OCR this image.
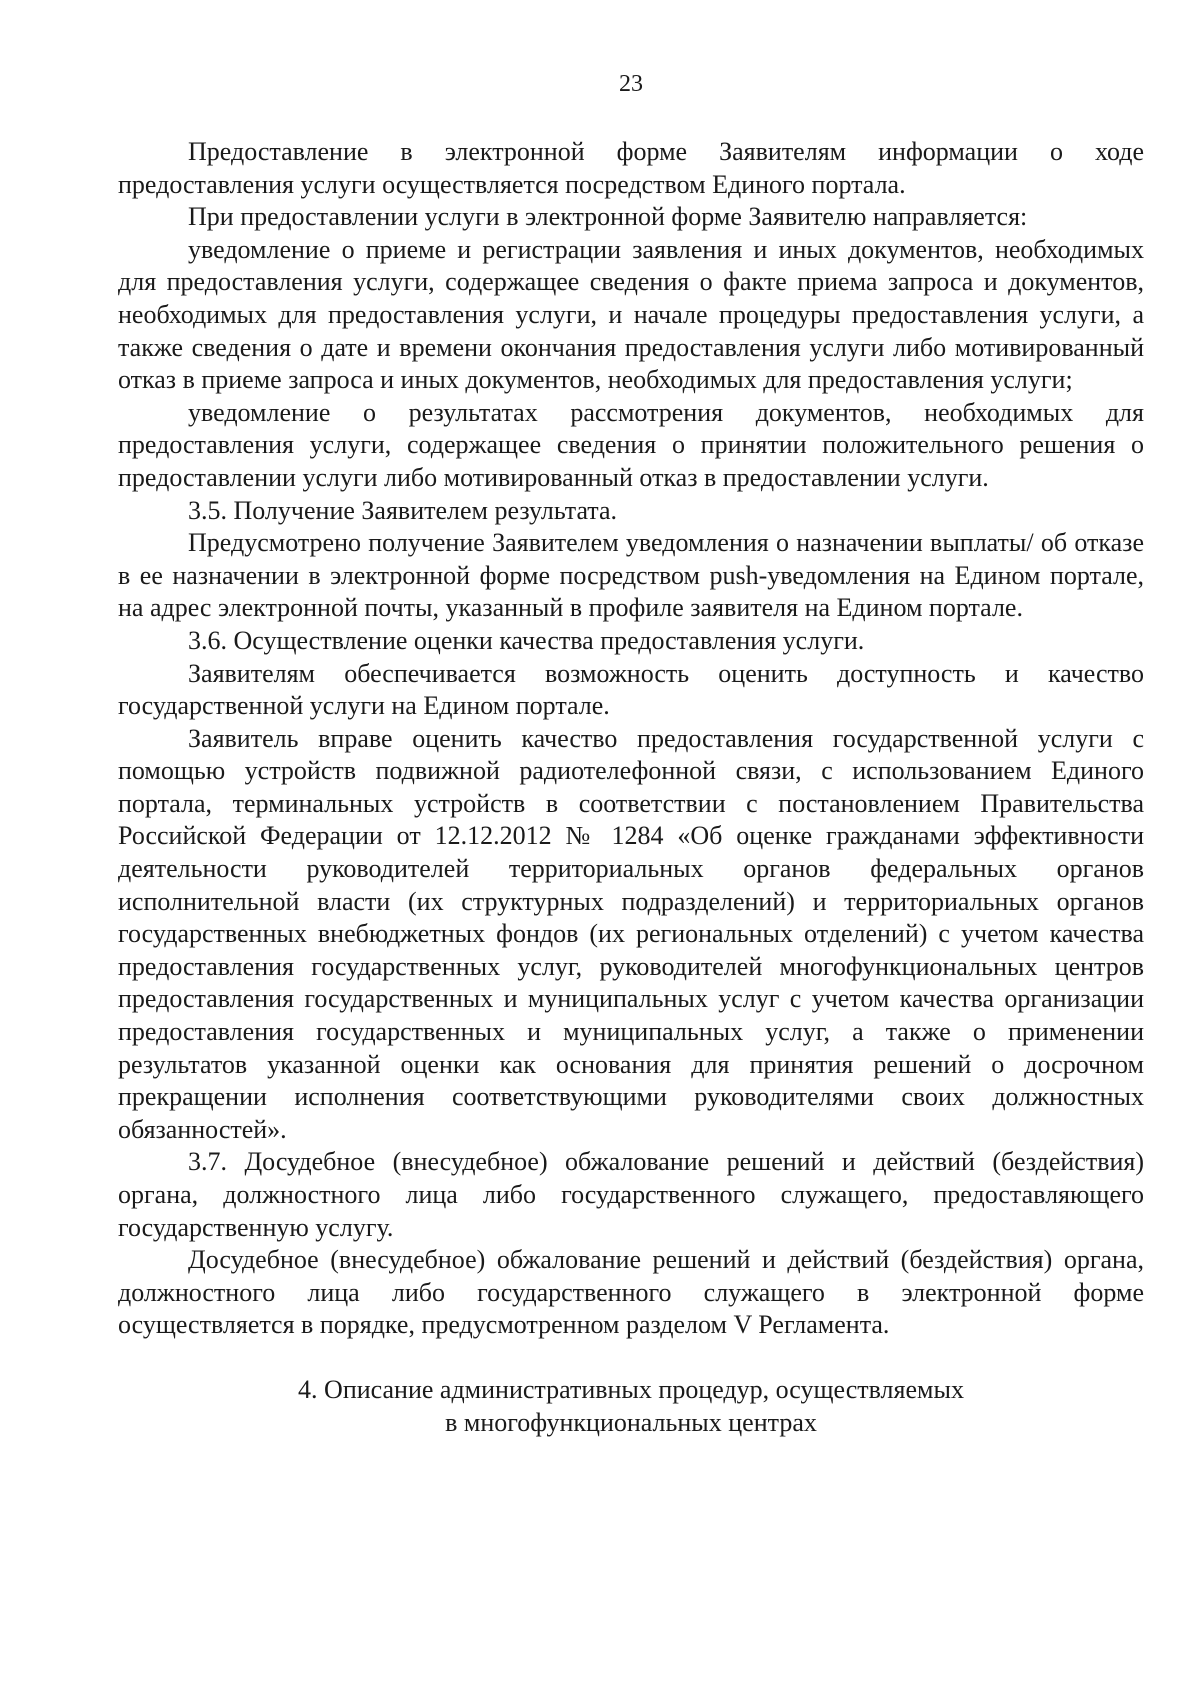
23

Предоставление в электронной форме Заявителям информации о ходе предоставления услуги осуществляется посредством Единого портала.

При предоставлении услуги в электронной форме Заявителю направляется:

уведомление о приеме и регистрации заявления и иных документов, необходимых для предоставления услуги, содержащее сведения о факте приема запроса и документов, необходимых для предоставления услуги, и начале процедуры предоставления услуги, а также сведения о дате и времени окончания предоставления услуги либо мотивированный отказ в приеме запроса и иных документов, необходимых для предоставления услуги;

уведомление о результатах рассмотрения документов, необходимых для предоставления услуги, содержащее сведения о принятии положительного решения о предоставлении услуги либо мотивированный отказ в предоставлении услуги.

3.5. Получение Заявителем результата.

Предусмотрено получение Заявителем уведомления о назначении выплаты/ об отказе в ее назначении в электронной форме посредством push-уведомления на Едином портале, на адрес электронной почты, указанный в профиле заявителя на Едином портале.

3.6. Осуществление оценки качества предоставления услуги.

Заявителям обеспечивается возможность оценить доступность и качество государственной услуги на Едином портале.

Заявитель вправе оценить качество предоставления государственной услуги с помощью устройств подвижной радиотелефонной связи, с использованием Единого портала, терминальных устройств в соответствии с постановлением Правительства Российской Федерации от 12.12.2012 № 1284 «Об оценке гражданами эффективности деятельности руководителей территориальных органов федеральных органов исполнительной власти (их структурных подразделений) и территориальных органов государственных внебюджетных фондов (их региональных отделений) с учетом качества предоставления государственных услуг, руководителей многофункциональных центров предоставления государственных и муниципальных услуг с учетом качества организации предоставления государственных и муниципальных услуг, а также о применении результатов указанной оценки как основания для принятия решений о досрочном прекращении исполнения соответствующими руководителями своих должностных обязанностей».

3.7. Досудебное (внесудебное) обжалование решений и действий (бездействия) органа, должностного лица либо государственного служащего, предоставляющего государственную услугу.

Досудебное (внесудебное) обжалование решений и действий (бездействия) органа, должностного лица либо государственного служащего в электронной форме осуществляется в порядке, предусмотренном разделом V Регламента.

4. Описание административных процедур, осуществляемых
в многофункциональных центрах
